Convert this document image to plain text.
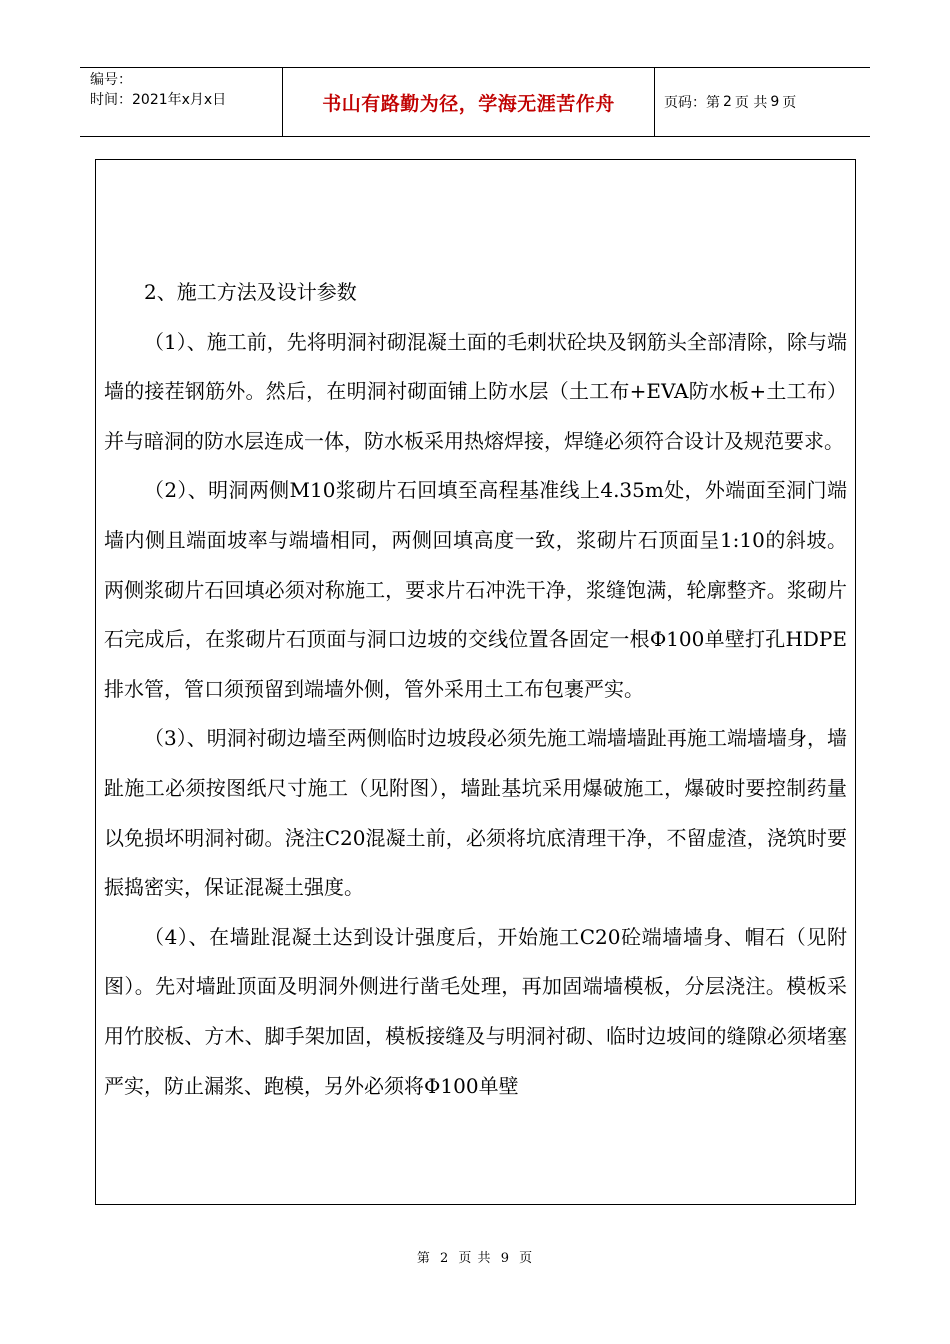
编号：
时间：2021年x月x日	书山有路勤为径，学海无涯苦作舟	页码：第 2 页 共 9 页

2、施工方法及设计参数

（1）、施工前，先将明洞衬砌混凝土面的毛刺状砼块及钢筋头全部清除，除与端墙的接茬钢筋外。然后，在明洞衬砌面铺上防水层（土工布+EVA防水板+土工布）并与暗洞的防水层连成一体，防水板采用热熔焊接，焊缝必须符合设计及规范要求。

（2）、明洞两侧M10浆砌片石回填至高程基准线上4.35m处，外端面至洞门端墙内侧且端面坡率与端墙相同，两侧回填高度一致，浆砌片石顶面呈1:10的斜坡。两侧浆砌片石回填必须对称施工，要求片石冲洗干净，浆缝饱满，轮廓整齐。浆砌片石完成后，在浆砌片石顶面与洞口边坡的交线位置各固定一根Φ100单壁打孔HDPE排水管，管口须预留到端墙外侧，管外采用土工布包裹严实。

（3）、明洞衬砌边墙至两侧临时边坡段必须先施工端墙墙趾再施工端墙墙身，墙趾施工必须按图纸尺寸施工（见附图），墙趾基坑采用爆破施工，爆破时要控制药量以免损坏明洞衬砌。浇注C20混凝土前，必须将坑底清理干净，不留虚渣，浇筑时要振捣密实，保证混凝土强度。

（4）、在墙趾混凝土达到设计强度后，开始施工C20砼端墙墙身、帽石（见附图）。先对墙趾顶面及明洞外侧进行凿毛处理，再加固端墙模板，分层浇注。模板采用竹胶板、方木、脚手架加固，模板接缝及与明洞衬砌、临时边坡间的缝隙必须堵塞严实，防止漏浆、跑模，另外必须将Φ100单壁

第 2 页 共 9 页
